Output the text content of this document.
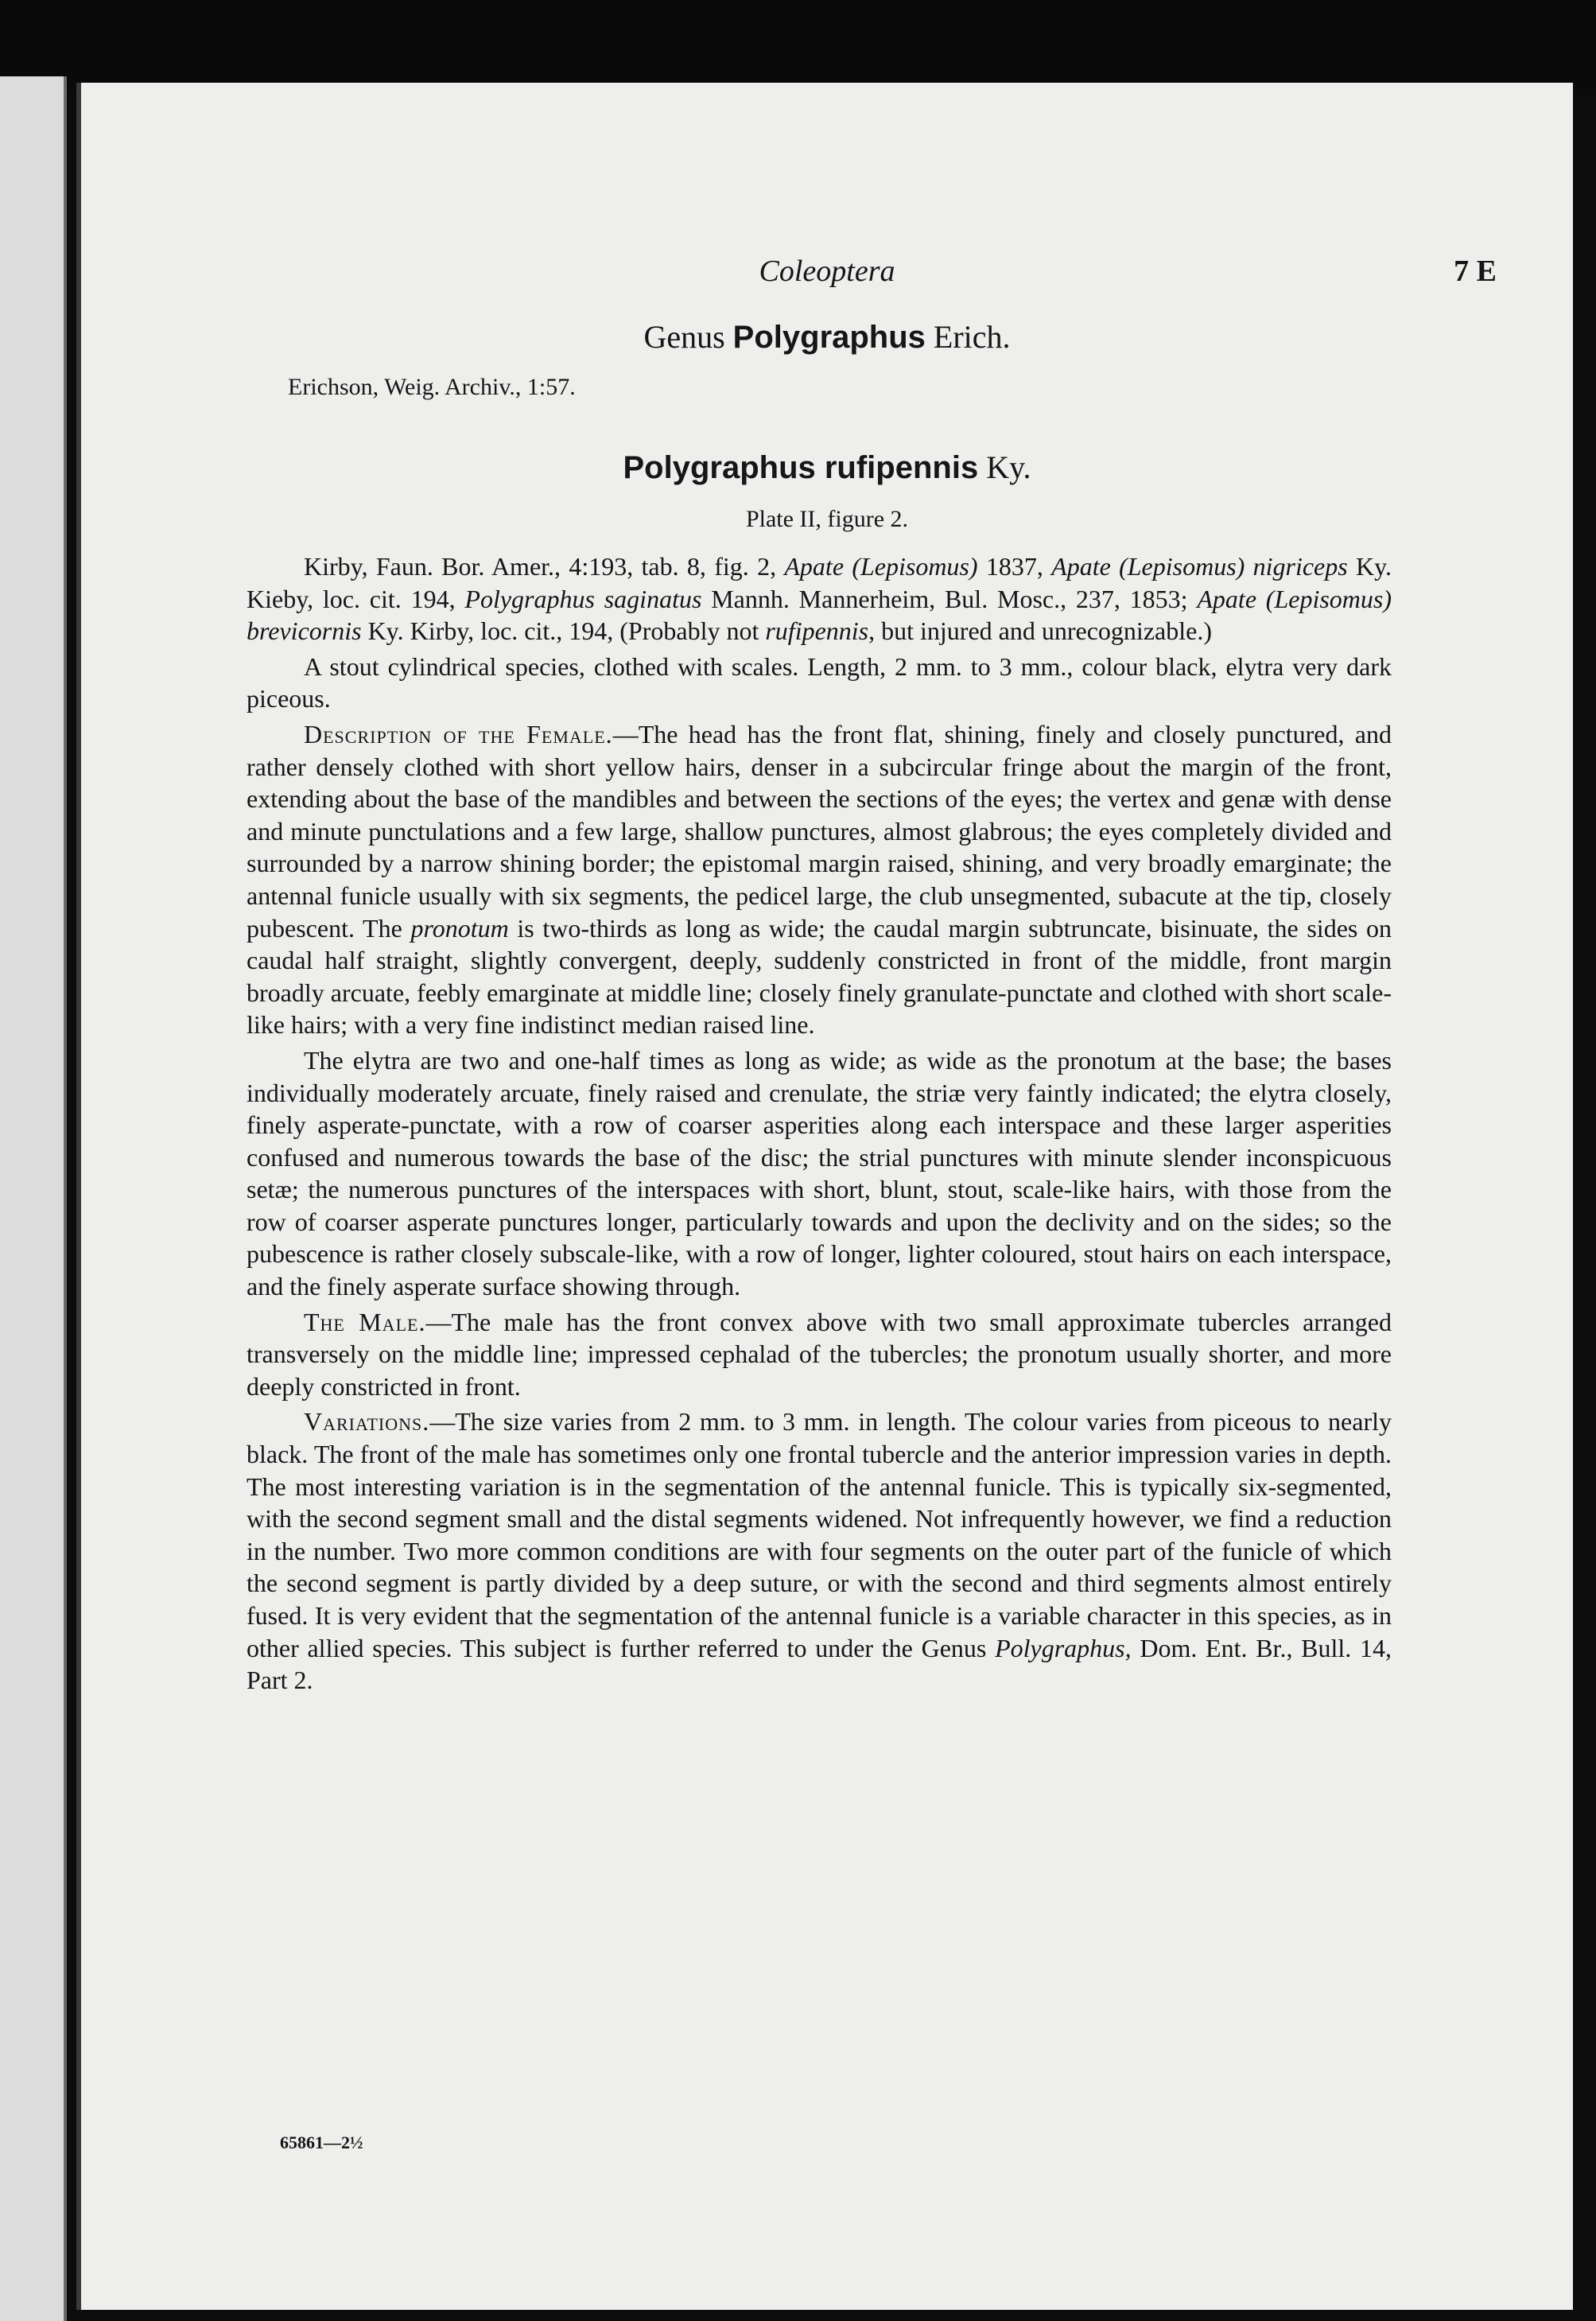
Coleoptera	7 E
Genus Polygraphus Erich.
Erichson, Weig. Archiv., 1:57.
Polygraphus rufipennis Ky.
Plate II, figure 2.

Kirby, Faun. Bor. Amer., 4:193, tab. 8, fig. 2, Apate (Lepisomus) 1837, Apate (Lepisomus) nigriceps Ky. Kieby, loc. cit. 194, Polygraphus saginatus Mannh. Mannerheim, Bul. Mosc., 237, 1853; Apate (Lepisomus) brevicornis Ky. Kirby, loc. cit., 194, (Probably not rufipennis, but injured and unrecognizable.)

A stout cylindrical species, clothed with scales. Length, 2 mm. to 3 mm., colour black, elytra very dark piceous.

Description of the Female.—The head has the front flat, shining, finely and closely punctured, and rather densely clothed with short yellow hairs, denser in a subcircular fringe about the margin of the front, extending about the base of the mandibles and between the sections of the eyes; the vertex and genæ with dense and minute punctulations and a few large, shallow punctures, almost glabrous; the eyes completely divided and surrounded by a narrow shining border; the epistomal margin raised, shining, and very broadly emarginate; the antennal funicle usually with six segments, the pedicel large, the club unsegmented, subacute at the tip, closely pubescent. The pronotum is two-thirds as long as wide; the caudal margin subtruncate, bisinuate, the sides on caudal half straight, slightly convergent, deeply, suddenly constricted in front of the middle, front margin broadly arcuate, feebly emarginate at middle line; closely finely granulate-punctate and clothed with short scale-like hairs; with a very fine indistinct median raised line.

The elytra are two and one-half times as long as wide; as wide as the pronotum at the base; the bases individually moderately arcuate, finely raised and crenulate, the striæ very faintly indicated; the elytra closely, finely asperate-punctate, with a row of coarser asperities along each interspace and these larger asperities confused and numerous towards the base of the disc; the strial punctures with minute slender inconspicuous setæ; the numerous punctures of the interspaces with short, blunt, stout, scale-like hairs, with those from the row of coarser asperate punctures longer, particularly towards and upon the declivity and on the sides; so the pubescence is rather closely subscale-like, with a row of longer, lighter coloured, stout hairs on each interspace, and the finely asperate surface showing through.

The Male.—The male has the front convex above with two small approximate tubercles arranged transversely on the middle line; impressed cephalad of the tubercles; the pronotum usually shorter, and more deeply constricted in front.

Variations.—The size varies from 2 mm. to 3 mm. in length. The colour varies from piceous to nearly black. The front of the male has sometimes only one frontal tubercle and the anterior impression varies in depth. The most interesting variation is in the segmentation of the antennal funicle. This is typically six-segmented, with the second segment small and the distal segments widened. Not infrequently however, we find a reduction in the number. Two more common conditions are with four segments on the outer part of the funicle of which the second segment is partly divided by a deep suture, or with the second and third segments almost entirely fused. It is very evident that the segmentation of the antennal funicle is a variable character in this species, as in other allied species. This subject is further referred to under the Genus Polygraphus, Dom. Ent. Br., Bull. 14, Part 2.

65861—2½
